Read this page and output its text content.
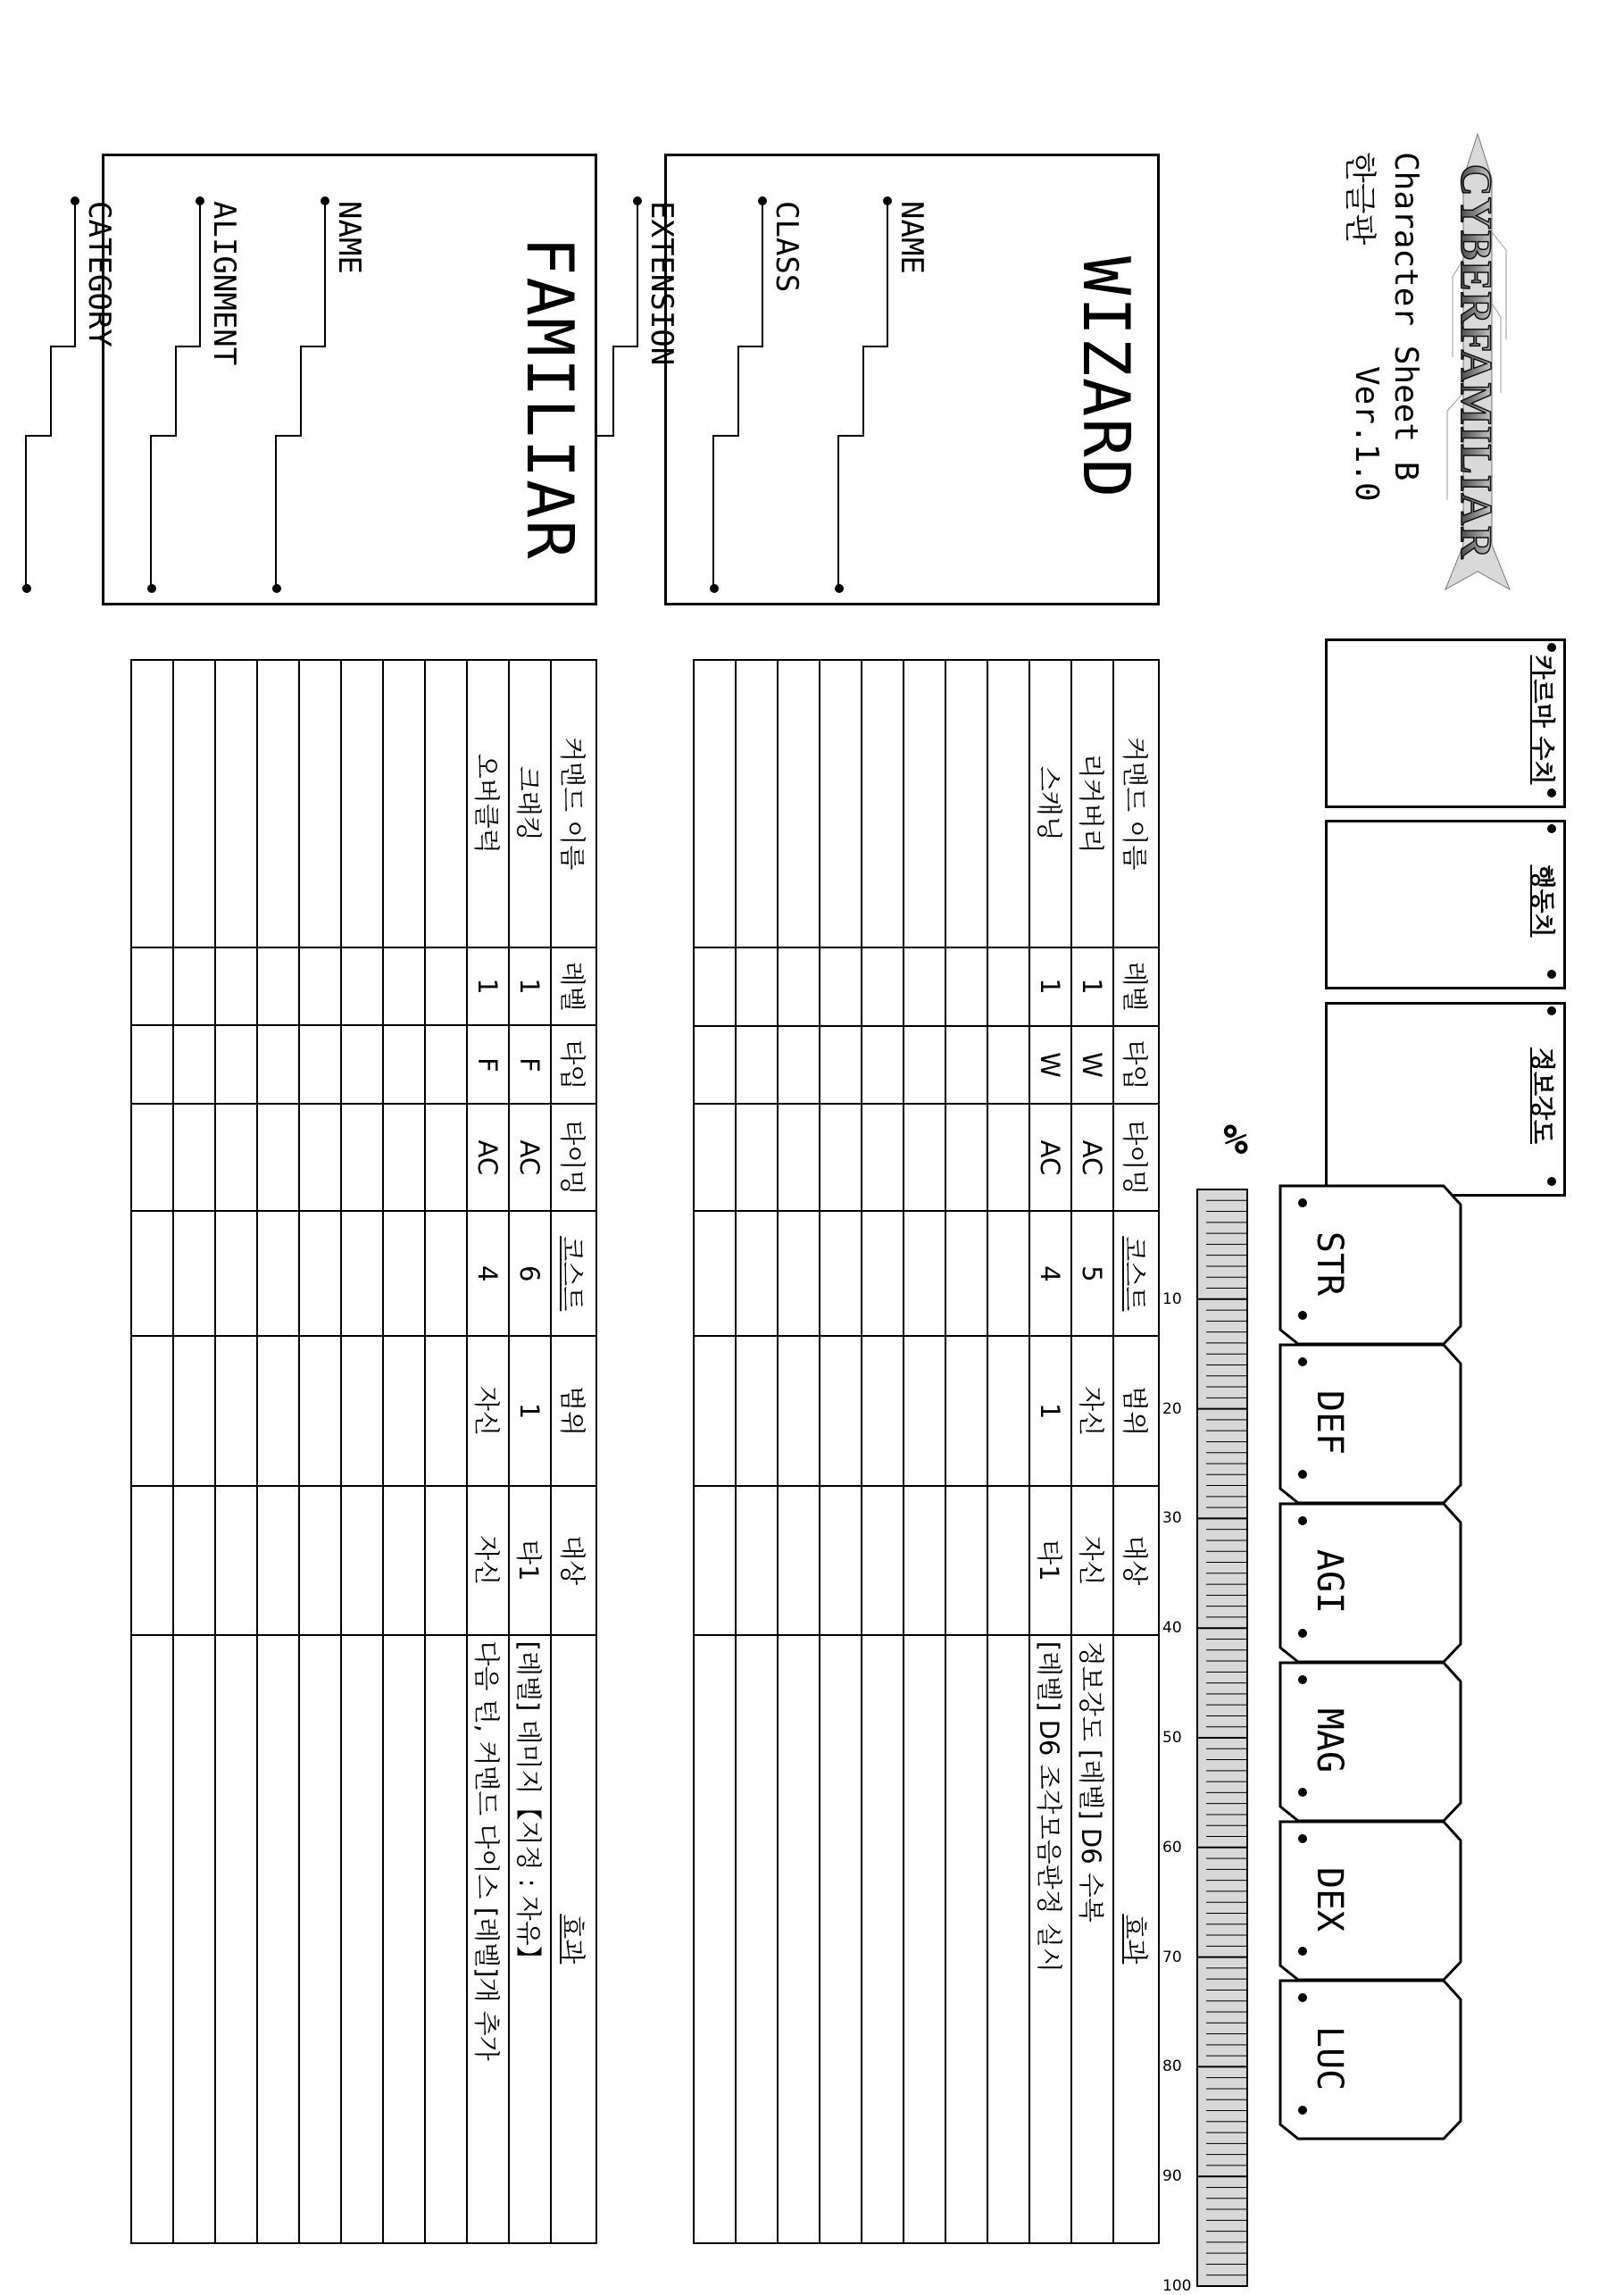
CYBERFAMILIAR
Character Sheet B
한글판
Ver.1.0
WIZARD
NAME
CLASS
EXTENSION
카르마 수치
행동치
정보강도
%
10
20
30
40
50
60
70
80
90
100
STR
DEF
AGI
MAG
DEX
LUC
커맨드 이름	레벨	타입	타이밍	코스트	범위	대상	효과
리커버리	1	W	AC	5	자신	자신	정보강도 [레벨] D6 수복
스캐닝	1	W	AC	4	1	타1	[레벨] D6 조각모음판정 실시

커맨드 이름	레벨	타입	타이밍	코스트	범위	대상	효과
크래킹	1	F	AC	6	1	타1	[레벨] 데미지【지정 : 자유】
오버클럭	1	F	AC	4	자신	자신	다음 턴, 커맨드 다이스 [레벨]개 추가

FAMILIAR
NAME
ALIGNMENT
CATEGORY
